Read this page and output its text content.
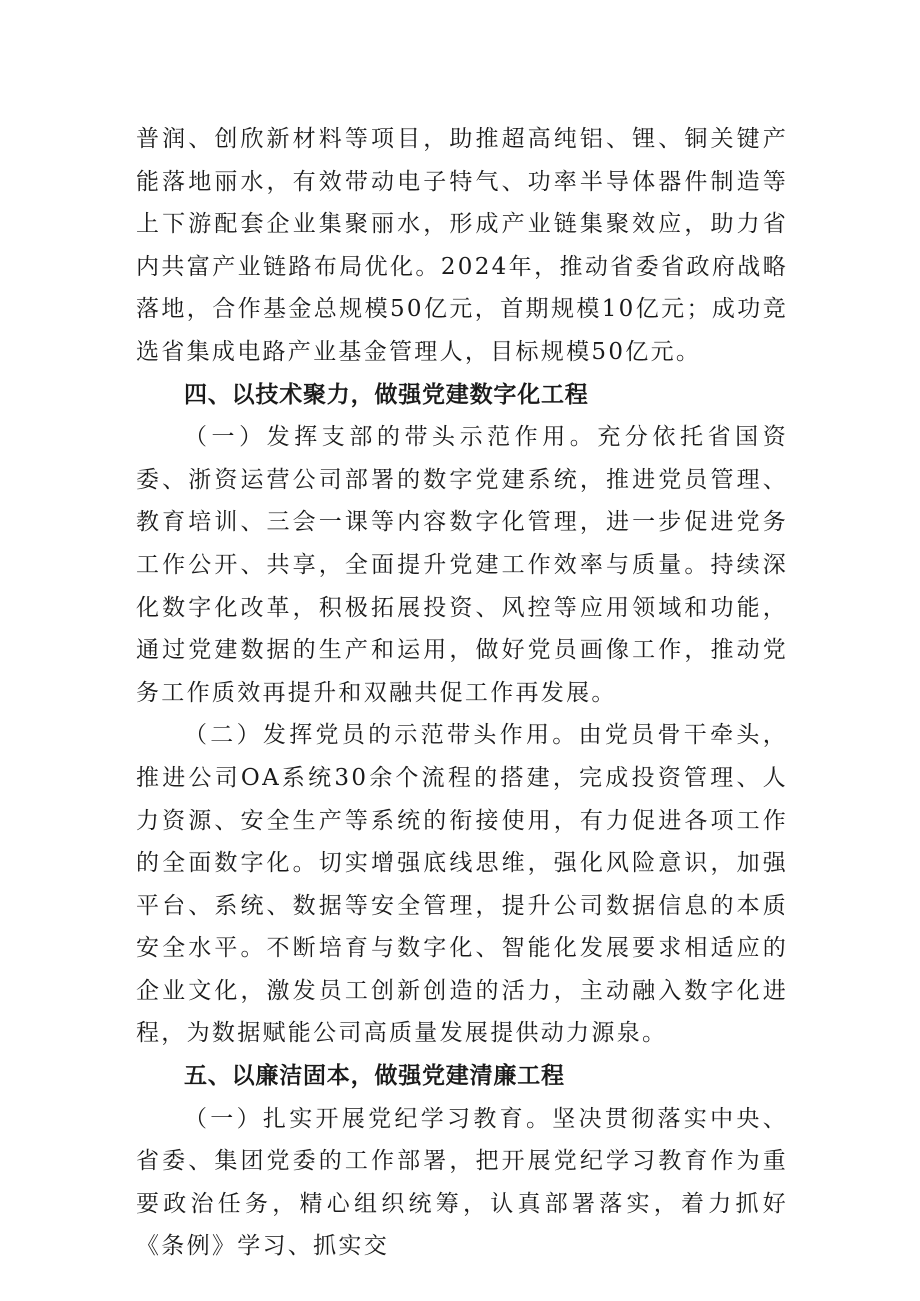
普润、创欣新材料等项目，助推超高纯铝、锂、铜关键产能落地丽水，有效带动电子特气、功率半导体器件制造等上下游配套企业集聚丽水，形成产业链集聚效应，助力省内共富产业链路布局优化。2024年，推动省委省政府战略落地，合作基金总规模50亿元，首期规模10亿元；成功竞选省集成电路产业基金管理人，目标规模50亿元。

四、以技术聚力，做强党建数字化工程

（一）发挥支部的带头示范作用。充分依托省国资委、浙资运营公司部署的数字党建系统，推进党员管理、教育培训、三会一课等内容数字化管理，进一步促进党务工作公开、共享，全面提升党建工作效率与质量。持续深化数字化改革，积极拓展投资、风控等应用领域和功能，通过党建数据的生产和运用，做好党员画像工作，推动党务工作质效再提升和双融共促工作再发展。

（二）发挥党员的示范带头作用。由党员骨干牵头，推进公司OA系统30余个流程的搭建，完成投资管理、人力资源、安全生产等系统的衔接使用，有力促进各项工作的全面数字化。切实增强底线思维，强化风险意识，加强平台、系统、数据等安全管理，提升公司数据信息的本质安全水平。不断培育与数字化、智能化发展要求相适应的企业文化，激发员工创新创造的活力，主动融入数字化进程，为数据赋能公司高质量发展提供动力源泉。

五、以廉洁固本，做强党建清廉工程

（一）扎实开展党纪学习教育。坚决贯彻落实中央、省委、集团党委的工作部署，把开展党纪学习教育作为重要政治任务，精心组织统筹，认真部署落实，着力抓好《条例》学习、抓实交
